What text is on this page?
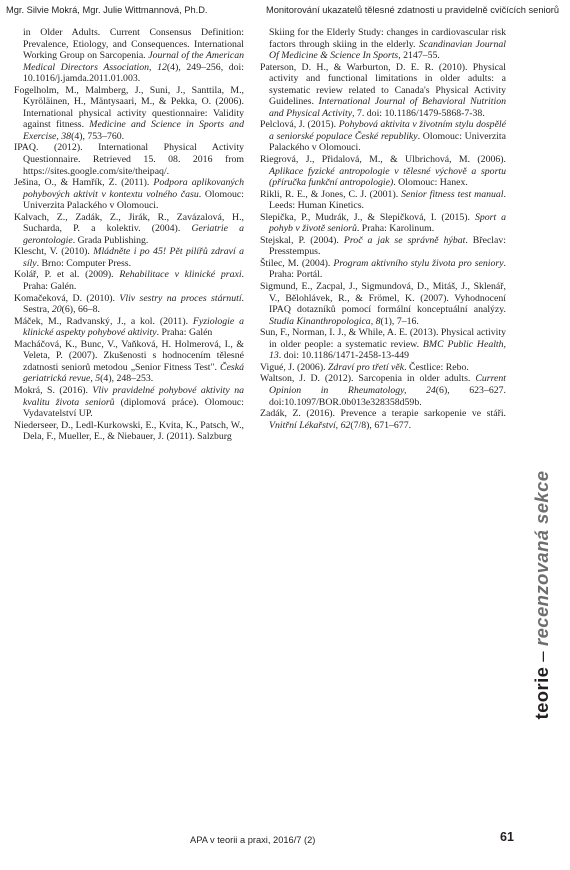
Mgr. Silvie Mokrá, Mgr. Julie Wittmannová, Ph.D.	Monitorování ukazatelů tělesné zdatnosti u pravidelně cvičících seniorů

in Older Adults. Current Consensus Definition: Prevalence, Etiology, and Consequences. International Working Group on Sarcopenia. Journal of the American Medical Directors Association, 12(4), 249–256, doi: 10.1016/j.jamda.2011.01.003.

Fogelholm, M., Malmberg, J., Suni, J., Santtila, M., Kyröläinen, H., Mäntysaari, M., & Pekka, O. (2006). International physical activity questionnaire: Validity against fitness. Medicine and Science in Sports and Exercise, 38(4), 753–760.

IPAQ. (2012). International Physical Activity Questionnaire. Retrieved 15. 08. 2016 from https://sites.google.com/site/theipaq/.

Ješina, O., & Hamřík, Z. (2011). Podpora aplikovaných pohybových aktivit v kontextu volného času. Olomouc: Univerzita Palackého v Olomouci.

Kalvach, Z., Zadák, Z., Jirák, R., Zavázalová, H., Sucharda, P. a kolektiv. (2004). Geriatrie a gerontologie. Grada Publishing.

Klescht, V. (2010). Mládněte i po 45! Pět pilířů zdraví a síly. Brno: Computer Press.

Kolář, P. et al. (2009). Rehabilitace v klinické praxi. Praha: Galén.

Komačeková, D. (2010). Vliv sestry na proces stárnutí. Sestra, 20(6), 66–8.

Máček, M., Radvanský, J., a kol. (2011). Fyziologie a klinické aspekty pohybové aktivity. Praha: Galén

Macháčová, K., Bunc, V., Vaňková, H. Holmerová, I., & Veleta, P. (2007). Zkušenosti s hodnocením tělesné zdatnosti seniorů metodou „Senior Fitness Test". Česká geriatrická revue, 5(4), 248–253.

Mokrá, S. (2016). Vliv pravidelné pohybové aktivity na kvalitu života seniorů (diplomová práce). Olomouc: Vydavatelství UP.

Niederseer, D., Ledl-Kurkowski, E., Kvita, K., Patsch, W., Dela, F., Mueller, E., & Niebauer, J. (2011). Salzburg

Skiing for the Elderly Study: changes in cardiovascular risk factors through skiing in the elderly. Scandinavian Journal Of Medicine & Science In Sports, 2147–55.

Paterson, D. H., & Warburton, D. E. R. (2010). Physical activity and functional limitations in older adults: a systematic review related to Canada's Physical Activity Guidelines. International Journal of Behavioral Nutrition and Physical Activity, 7. doi: 10.1186/1479-5868-7-38.

Pelclová, J. (2015). Pohybová aktivita v životním stylu dospělé a seniorské populace České republiky. Olomouc: Univerzita Palackého v Olomouci.

Riegrová, J., Přidalová, M., & Ulbrichová, M. (2006). Aplikace fyzické antropologie v tělesné výchově a sportu (příručka funkční antropologie). Olomouc: Hanex.

Rikli, R. E., & Jones, C. J. (2001). Senior fitness test manual. Leeds: Human Kinetics.

Slepička, P., Mudrák, J., & Slepičková, I. (2015). Sport a pohyb v životě seniorů. Praha: Karolinum.

Stejskal, P. (2004). Proč a jak se správně hýbat. Břeclav: Presstempus.

Štilec, M. (2004). Program aktivního stylu života pro seniory. Praha: Portál.

Sigmund, E., Zacpal, J., Sigmundová, D., Mitáš, J., Sklenář, V., Bělohlávek, R., & Frömel, K. (2007). Vyhodnocení IPAQ dotazníků pomocí formální konceptuální analýzy. Studia Kinanthropologica, 8(1), 7–16.

Sun, F., Norman, I. J., & While, A. E. (2013). Physical activity in older people: a systematic review. BMC Public Health, 13. doi: 10.1186/1471-2458-13-449

Vigué, J. (2006). Zdraví pro třetí věk. Čestlice: Rebo.

Waltson, J. D. (2012). Sarcopenia in older adults. Current Opinion in Rheumatology, 24(6), 623–627. doi:10.1097/BOR.0b013e328358d59b.

Zadák, Z. (2016). Prevence a terapie sarkopenie ve stáři. Vnitřní Lékařství, 62(7/8), 671–677.

teorie–recenzovaná sekce
APA v teorii a praxi, 2016/7 (2)	61
